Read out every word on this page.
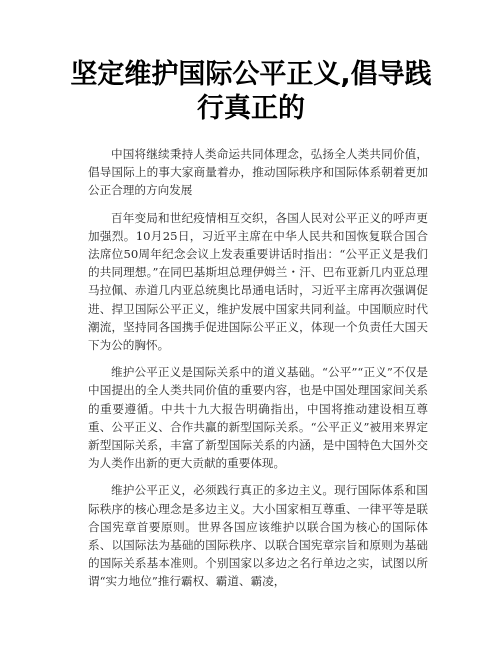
坚定维护国际公平正义,倡导践行真正的

中国将继续秉持人类命运共同体理念，弘扬全人类共同价值，倡导国际上的事大家商量着办，推动国际秩序和国际体系朝着更加公正合理的方向发展

百年变局和世纪疫情相互交织，各国人民对公平正义的呼声更加强烈。10月25日，习近平主席在中华人民共和国恢复联合国合法席位50周年纪念会议上发表重要讲话时指出：“公平正义是我们的共同理想。”在同巴基斯坦总理伊姆兰・汗、巴布亚新几内亚总理马拉佩、赤道几内亚总统奥比昂通电话时，习近平主席再次强调促进、捍卫国际公平正义，维护发展中国家共同利益。中国顺应时代潮流，坚持同各国携手促进国际公平正义，体现一个负责任大国天下为公的胸怀。

维护公平正义是国际关系中的道义基础。“公平”“正义”不仅是中国提出的全人类共同价值的重要内容，也是中国处理国家间关系的重要遵循。中共十九大报告明确指出，中国将推动建设相互尊重、公平正义、合作共赢的新型国际关系。“公平正义”被用来界定新型国际关系，丰富了新型国际关系的内涵，是中国特色大国外交为人类作出新的更大贡献的重要体现。

维护公平正义，必须践行真正的多边主义。现行国际体系和国际秩序的核心理念是多边主义。大小国家相互尊重、一律平等是联合国宪章首要原则。世界各国应该维护以联合国为核心的国际体系、以国际法为基础的国际秩序、以联合国宪章宗旨和原则为基础的国际关系基本准则。个别国家以多边之名行单边之实，试图以所谓“实力地位”推行霸权、霸道、霸凌，
